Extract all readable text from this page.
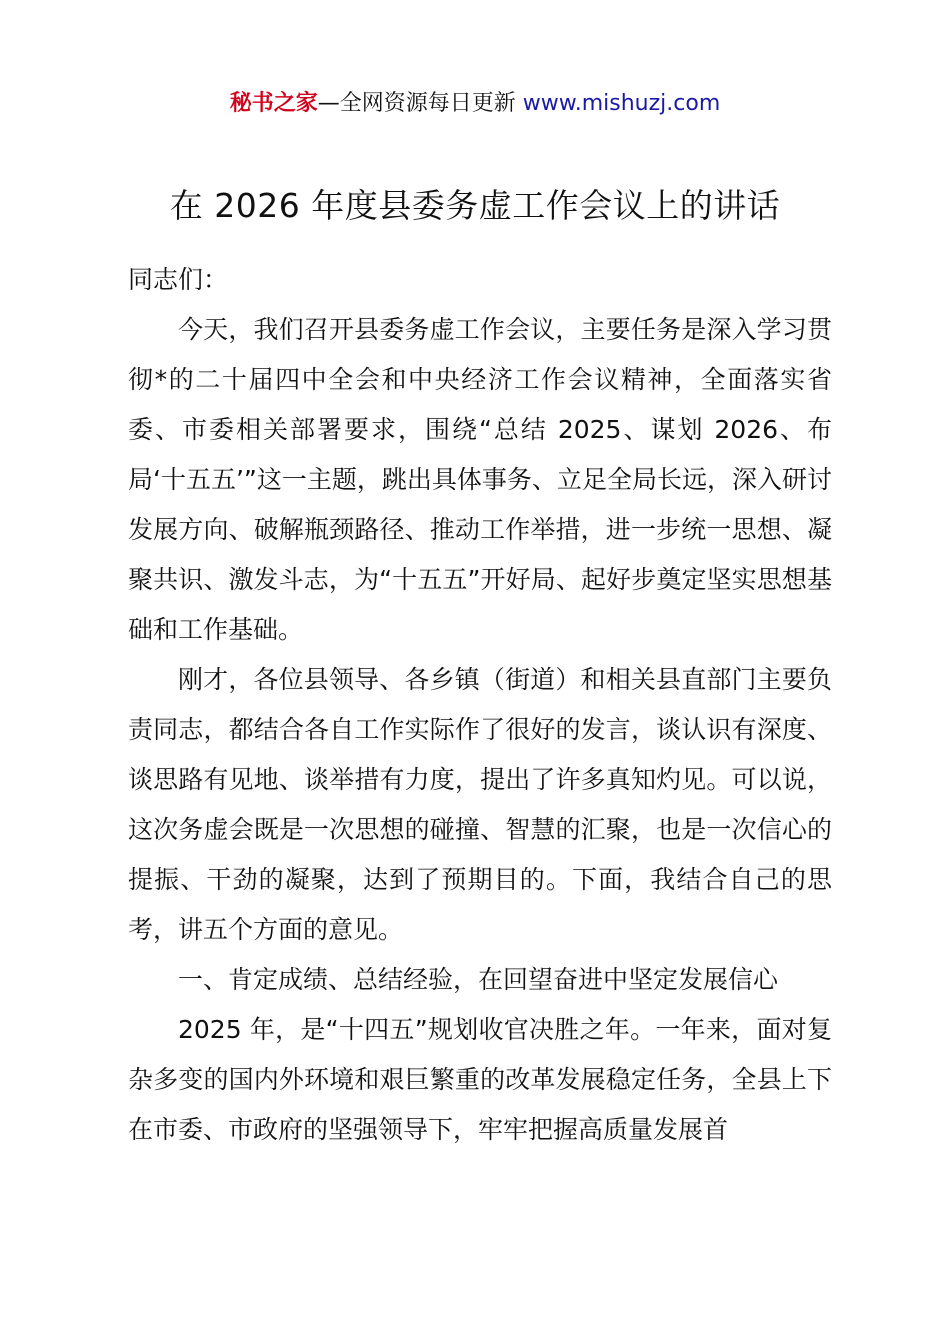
秘书之家—全网资源每日更新 www.mishuzj.com
在 2026 年度县委务虚工作会议上的讲话

同志们：

今天，我们召开县委务虚工作会议，主要任务是深入学习贯彻*的二十届四中全会和中央经济工作会议精神，全面落实省委、市委相关部署要求，围绕“总结 2025、谋划 2026、布局‘十五五’”这一主题，跳出具体事务、立足全局长远，深入研讨发展方向、破解瓶颈路径、推动工作举措，进一步统一思想、凝聚共识、激发斗志，为“十五五”开好局、起好步奠定坚实思想基础和工作基础。

刚才，各位县领导、各乡镇（街道）和相关县直部门主要负责同志，都结合各自工作实际作了很好的发言，谈认识有深度、谈思路有见地、谈举措有力度，提出了许多真知灼见。可以说，这次务虚会既是一次思想的碰撞、智慧的汇聚，也是一次信心的提振、干劲的凝聚，达到了预期目的。下面，我结合自己的思考，讲五个方面的意见。

一、肯定成绩、总结经验，在回望奋进中坚定发展信心

2025 年，是“十四五”规划收官决胜之年。一年来，面对复杂多变的国内外环境和艰巨繁重的改革发展稳定任务，全县上下在市委、市政府的坚强领导下，牢牢把握高质量发展首
